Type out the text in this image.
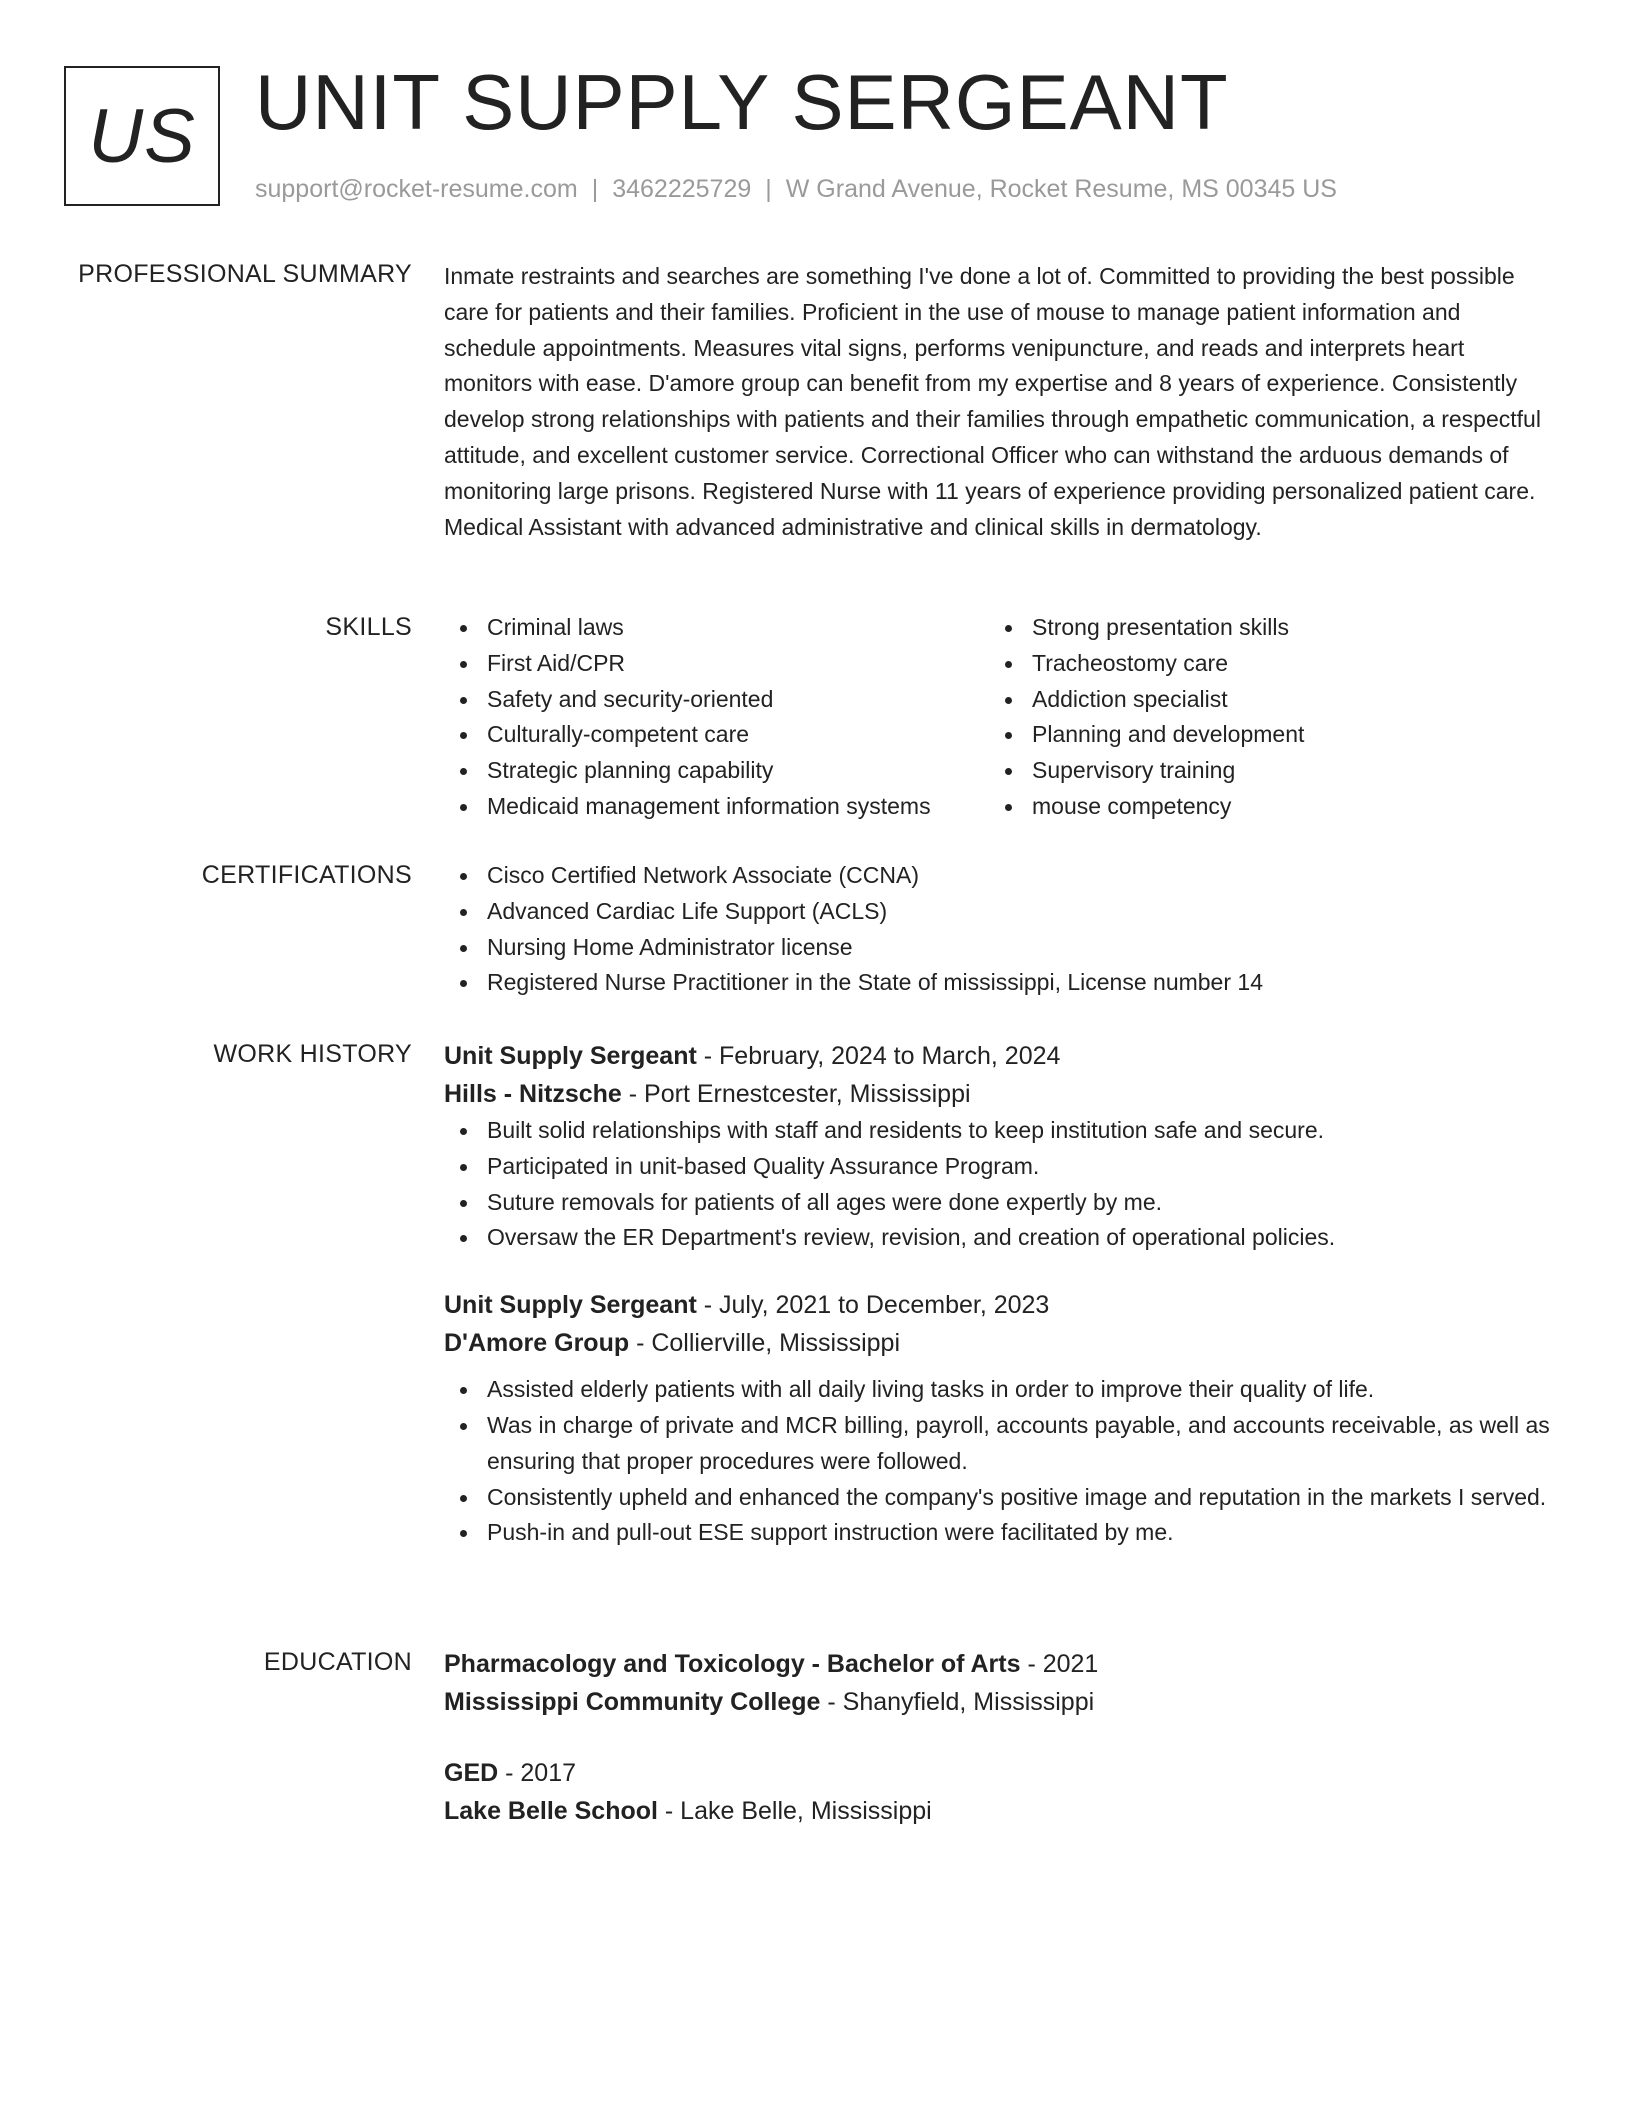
US UNIT SUPPLY SERGEANT
support@rocket-resume.com | 3462225729 | W Grand Avenue, Rocket Resume, MS 00345 US
PROFESSIONAL SUMMARY Inmate restraints and searches are something I've done a lot of. Committed to providing the best possible care for patients and their families. Proficient in the use of mouse to manage patient information and schedule appointments. Measures vital signs, performs venipuncture, and reads and interprets heart monitors with ease. D'amore group can benefit from my expertise and 8 years of experience. Consistently develop strong relationships with patients and their families through empathetic communication, a respectful attitude, and excellent customer service. Correctional Officer who can withstand the arduous demands of monitoring large prisons. Registered Nurse with 11 years of experience providing personalized patient care. Medical Assistant with advanced administrative and clinical skills in dermatology.

SKILLS	Criminal laws
First Aid/CPR
Safety and security-oriented
Culturally-competent care
Strategic planning capability
Medicaid management information systems
Strong presentation skills
Tracheostomy care
Addiction specialist
Planning and development
Supervisory training
mouse competency
CERTIFICATIONS	Cisco Certified Network Associate (CCNA)
Advanced Cardiac Life Support (ACLS)
Nursing Home Administrator license
Registered Nurse Practitioner in the State of mississippi, License number 14
WORK HISTORY Unit Supply Sergeant - February, 2024 to March, 2024
Hills - Nitzsche - Port Ernestcester, Mississippi
Built solid relationships with staff and residents to keep institution safe and secure.
Participated in unit-based Quality Assurance Program.
Suture removals for patients of all ages were done expertly by me.
Oversaw the ER Department's review, revision, and creation of operational policies.
Unit Supply Sergeant - July, 2021 to December, 2023
D'Amore Group - Collierville, Mississippi
Assisted elderly patients with all daily living tasks in order to improve their quality of life.
Was in charge of private and MCR billing, payroll, accounts payable, and accounts receivable, as well as ensuring that proper procedures were followed.
Consistently upheld and enhanced the company's positive image and reputation in the markets I served.
Push-in and pull-out ESE support instruction were facilitated by me.
EDUCATION Pharmacology and Toxicology - Bachelor of Arts - 2021
Mississippi Community College - Shanyfield, Mississippi
GED - 2017
Lake Belle School - Lake Belle, Mississippi
